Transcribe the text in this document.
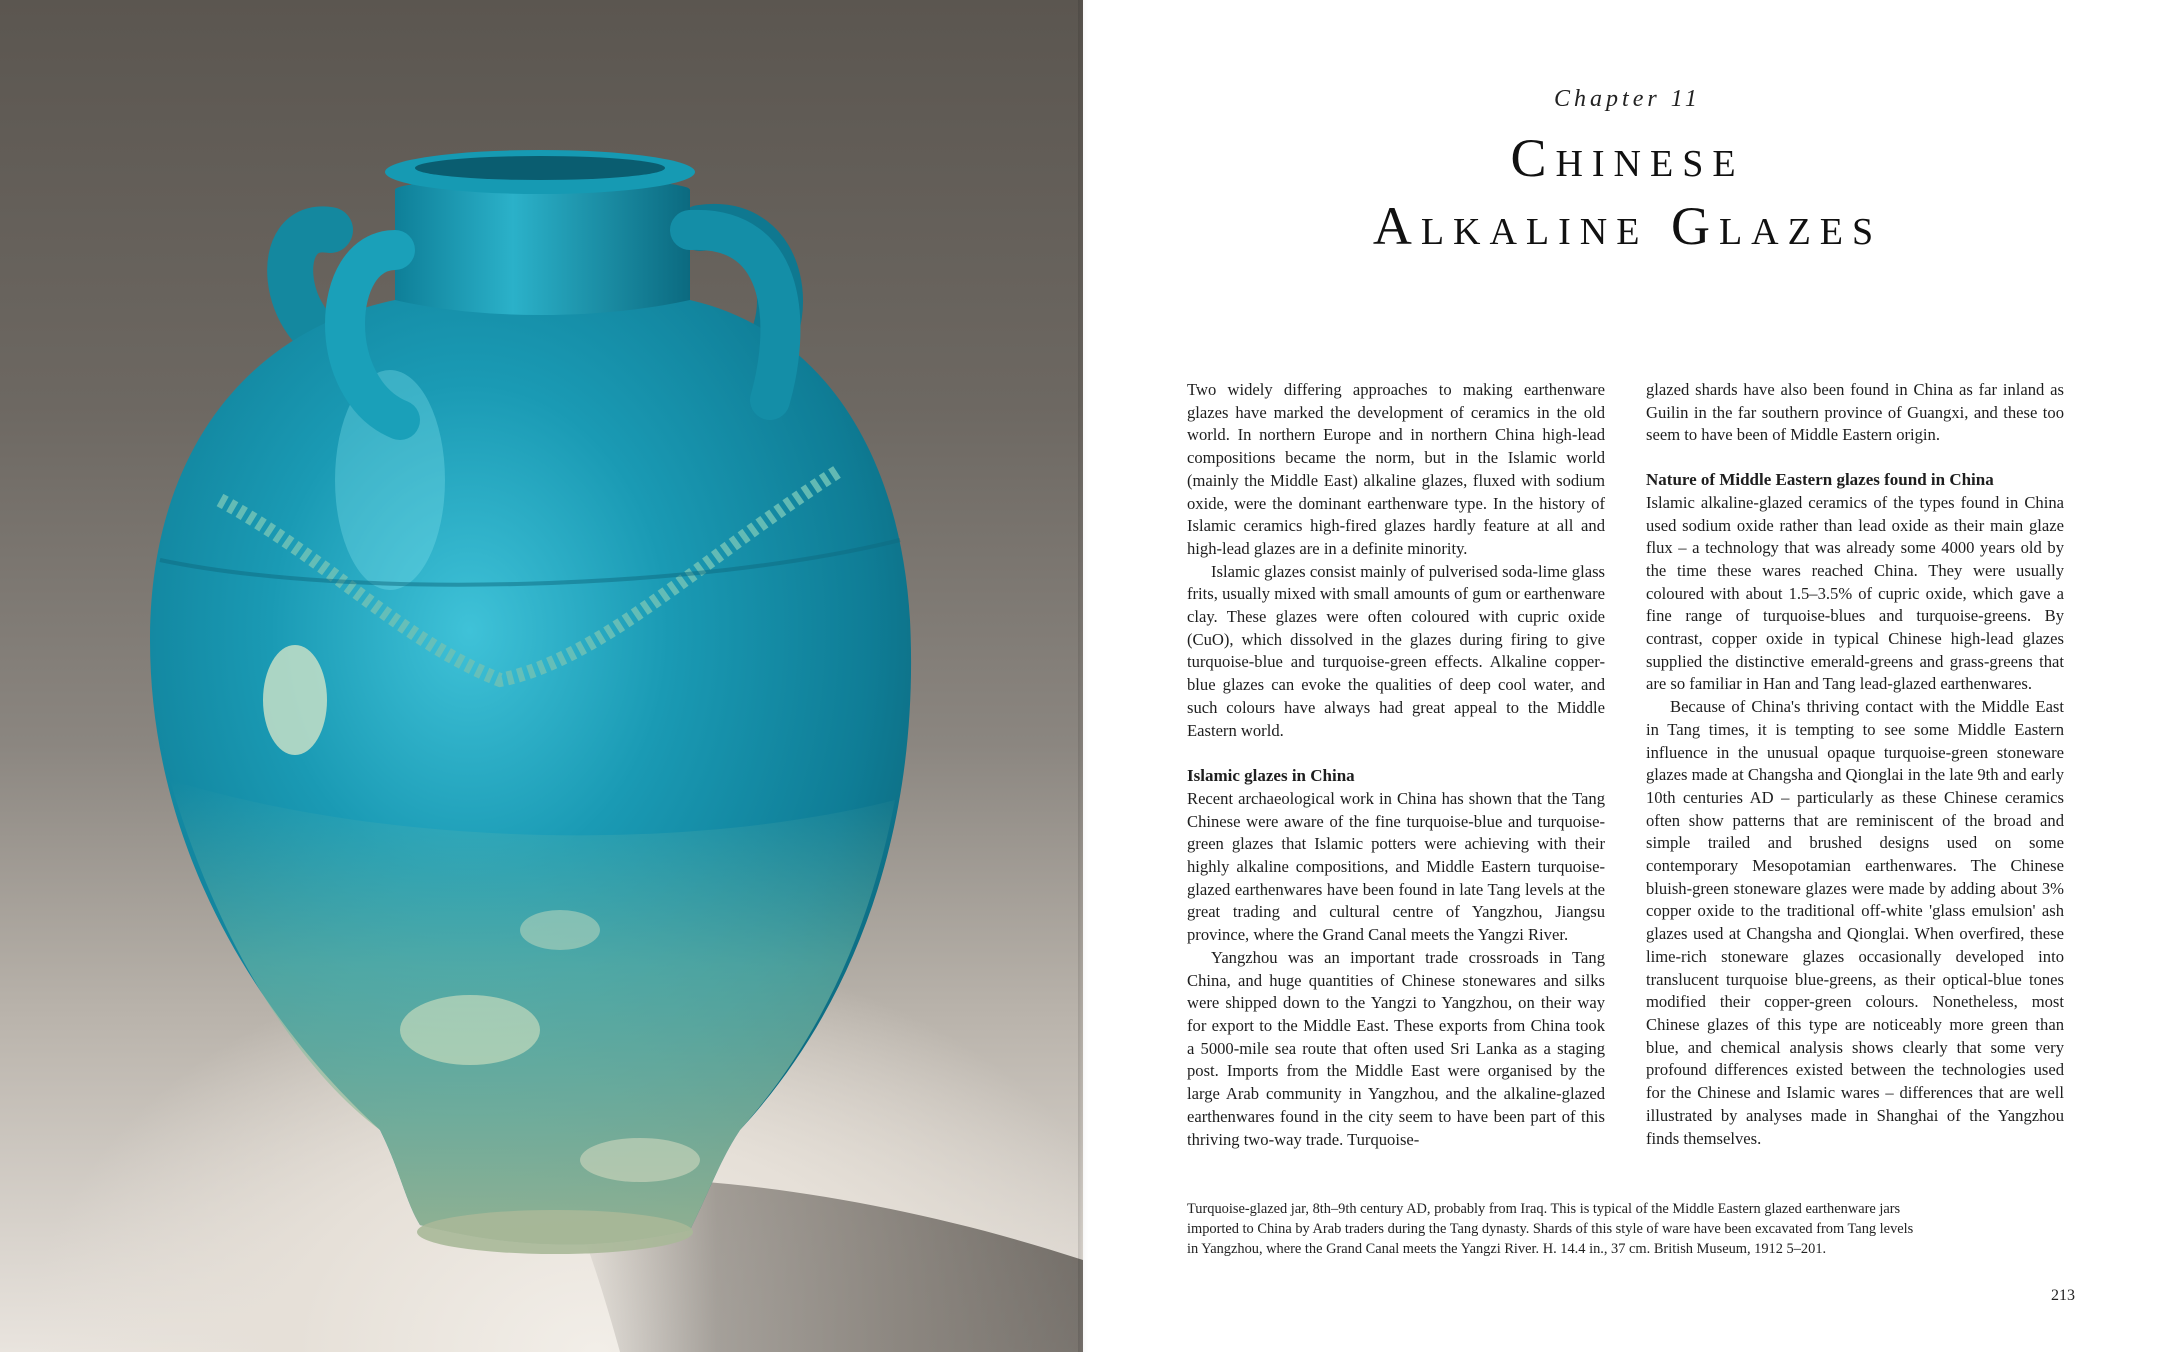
Chapter 11
Chinese
Alkaline Glazes

Two widely differing approaches to making earthenware glazes have marked the development of ceramics in the old world. In northern Europe and in northern China high-lead compositions became the norm, but in the Islamic world (mainly the Middle East) alkaline glazes, fluxed with sodium oxide, were the dominant earthenware type. In the history of Islamic ceramics high-fired glazes hardly feature at all and high-lead glazes are in a definite minority.

Islamic glazes consist mainly of pulverised soda-lime glass frits, usually mixed with small amounts of gum or earthenware clay. These glazes were often coloured with cupric oxide (CuO), which dissolved in the glazes during firing to give turquoise-blue and turquoise-green effects. Alkaline copper-blue glazes can evoke the qualities of deep cool water, and such colours have always had great appeal to the Middle Eastern world.

Islamic glazes in China

Recent archaeological work in China has shown that the Tang Chinese were aware of the fine turquoise-blue and turquoise-green glazes that Islamic potters were achieving with their highly alkaline compositions, and Middle Eastern turquoise-glazed earthenwares have been found in late Tang levels at the great trading and cultural centre of Yangzhou, Jiangsu province, where the Grand Canal meets the Yangzi River.

Yangzhou was an important trade crossroads in Tang China, and huge quantities of Chinese stonewares and silks were shipped down to the Yangzi to Yangzhou, on their way for export to the Middle East. These exports from China took a 5000-mile sea route that often used Sri Lanka as a staging post. Imports from the Middle East were organised by the large Arab community in Yangzhou, and the alkaline-glazed earthenwares found in the city seem to have been part of this thriving two-way trade. Turquoise-

glazed shards have also been found in China as far inland as Guilin in the far southern province of Guangxi, and these too seem to have been of Middle Eastern origin.

Nature of Middle Eastern glazes found in China

Islamic alkaline-glazed ceramics of the types found in China used sodium oxide rather than lead oxide as their main glaze flux – a technology that was already some 4000 years old by the time these wares reached China. They were usually coloured with about 1.5–3.5% of cupric oxide, which gave a fine range of turquoise-blues and turquoise-greens. By contrast, copper oxide in typical Chinese high-lead glazes supplied the distinctive emerald-greens and grass-greens that are so familiar in Han and Tang lead-glazed earthenwares.

Because of China's thriving contact with the Middle East in Tang times, it is tempting to see some Middle Eastern influence in the unusual opaque turquoise-green stoneware glazes made at Changsha and Qionglai in the late 9th and early 10th centuries AD – particularly as these Chinese ceramics often show patterns that are reminiscent of the broad and simple trailed and brushed designs used on some contemporary Mesopotamian earthenwares. The Chinese bluish-green stoneware glazes were made by adding about 3% copper oxide to the traditional off-white 'glass emulsion' ash glazes used at Changsha and Qionglai. When overfired, these lime-rich stoneware glazes occasionally developed into translucent turquoise blue-greens, as their optical-blue tones modified their copper-green colours. Nonetheless, most Chinese glazes of this type are noticeably more green than blue, and chemical analysis shows clearly that some very profound differences existed between the technologies used for the Chinese and Islamic wares – differences that are well illustrated by analyses made in Shanghai of the Yangzhou finds themselves.

Turquoise-glazed jar, 8th–9th century AD, probably from Iraq. This is typical of the Middle Eastern glazed earthenware jars
imported to China by Arab traders during the Tang dynasty. Shards of this style of ware have been excavated from Tang levels
in Yangzhou, where the Grand Canal meets the Yangzi River. H. 14.4 in., 37 cm. British Museum, 1912 5–201.
213
